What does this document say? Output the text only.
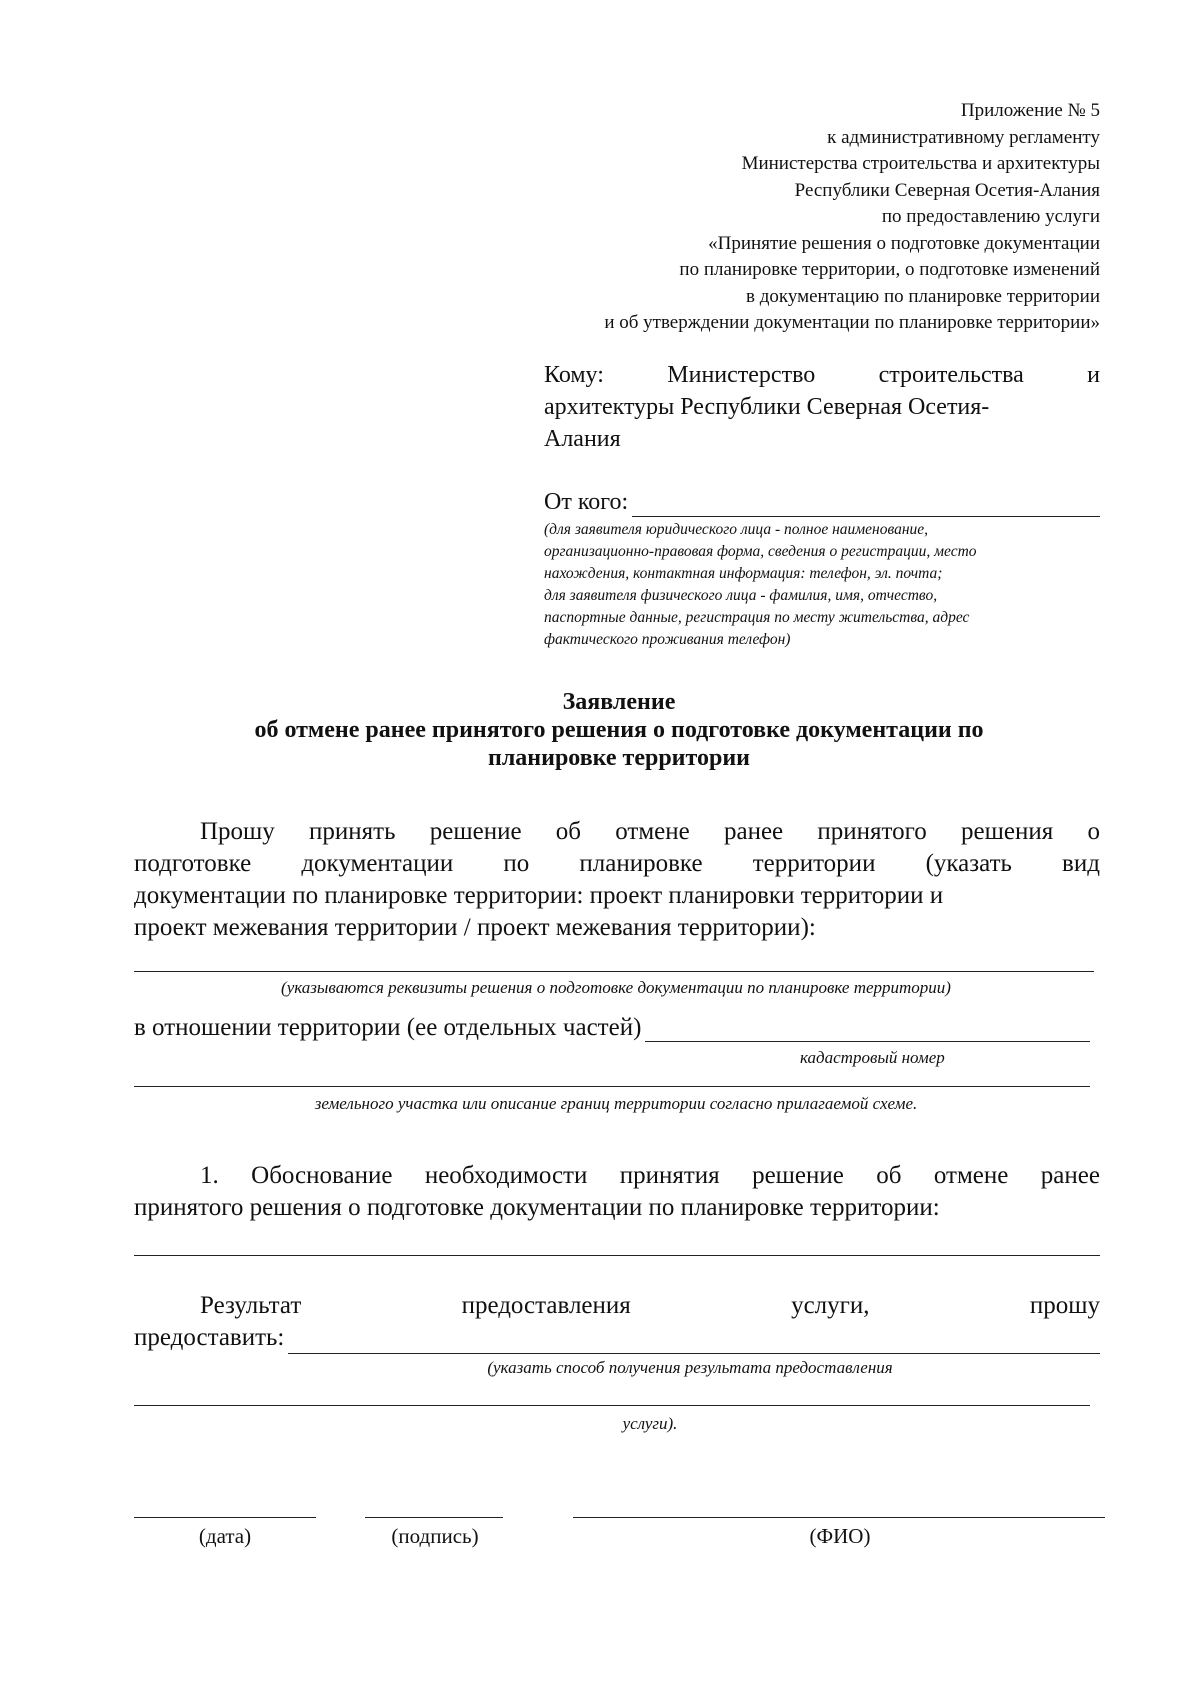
Приложение № 5
к административному регламенту
Министерства строительства и архитектуры
Республики Северная Осетия-Алания
по предоставлению услуги
«Принятие решения о подготовке документации
по планировке территории, о подготовке изменений
в документацию по планировке территории
и об утверждении документации по планировке территории»
Кому:	Министерство	строительства	и
архитектуры Республики Северная Осетия-
Алания
От кого:
(для заявителя юридического лица - полное наименование,
организационно-правовая форма, сведения о регистрации, место
нахождения, контактная информация: телефон, эл. почта;
для заявителя физического лица - фамилия, имя, отчество,
паспортные данные, регистрация по месту жительства, адрес
фактического проживания телефон)
Заявление
об отмене ранее принятого решения о подготовке документации по
планировке территории
Прошу принять решение об отмене ранее принятого решения о
подготовке документации по планировке территории (указать вид
документации по планировке территории: проект планировки территории и
проект межевания территории / проект межевания территории):
(указываются реквизиты решения о подготовке документации по планировке территории)
в отношении территории (ее отдельных частей)
кадастровый номер
земельного участка или описание границ территории согласно прилагаемой схеме.
1. Обоснование необходимости принятия решение об отмене ранее
принятого решения о подготовке документации по планировке территории:
Результат	предоставления	услуги,	прошу
предоставить:
(указать способ получения результата предоставления
услуги).
(дата)	(подпись)	(ФИО)
